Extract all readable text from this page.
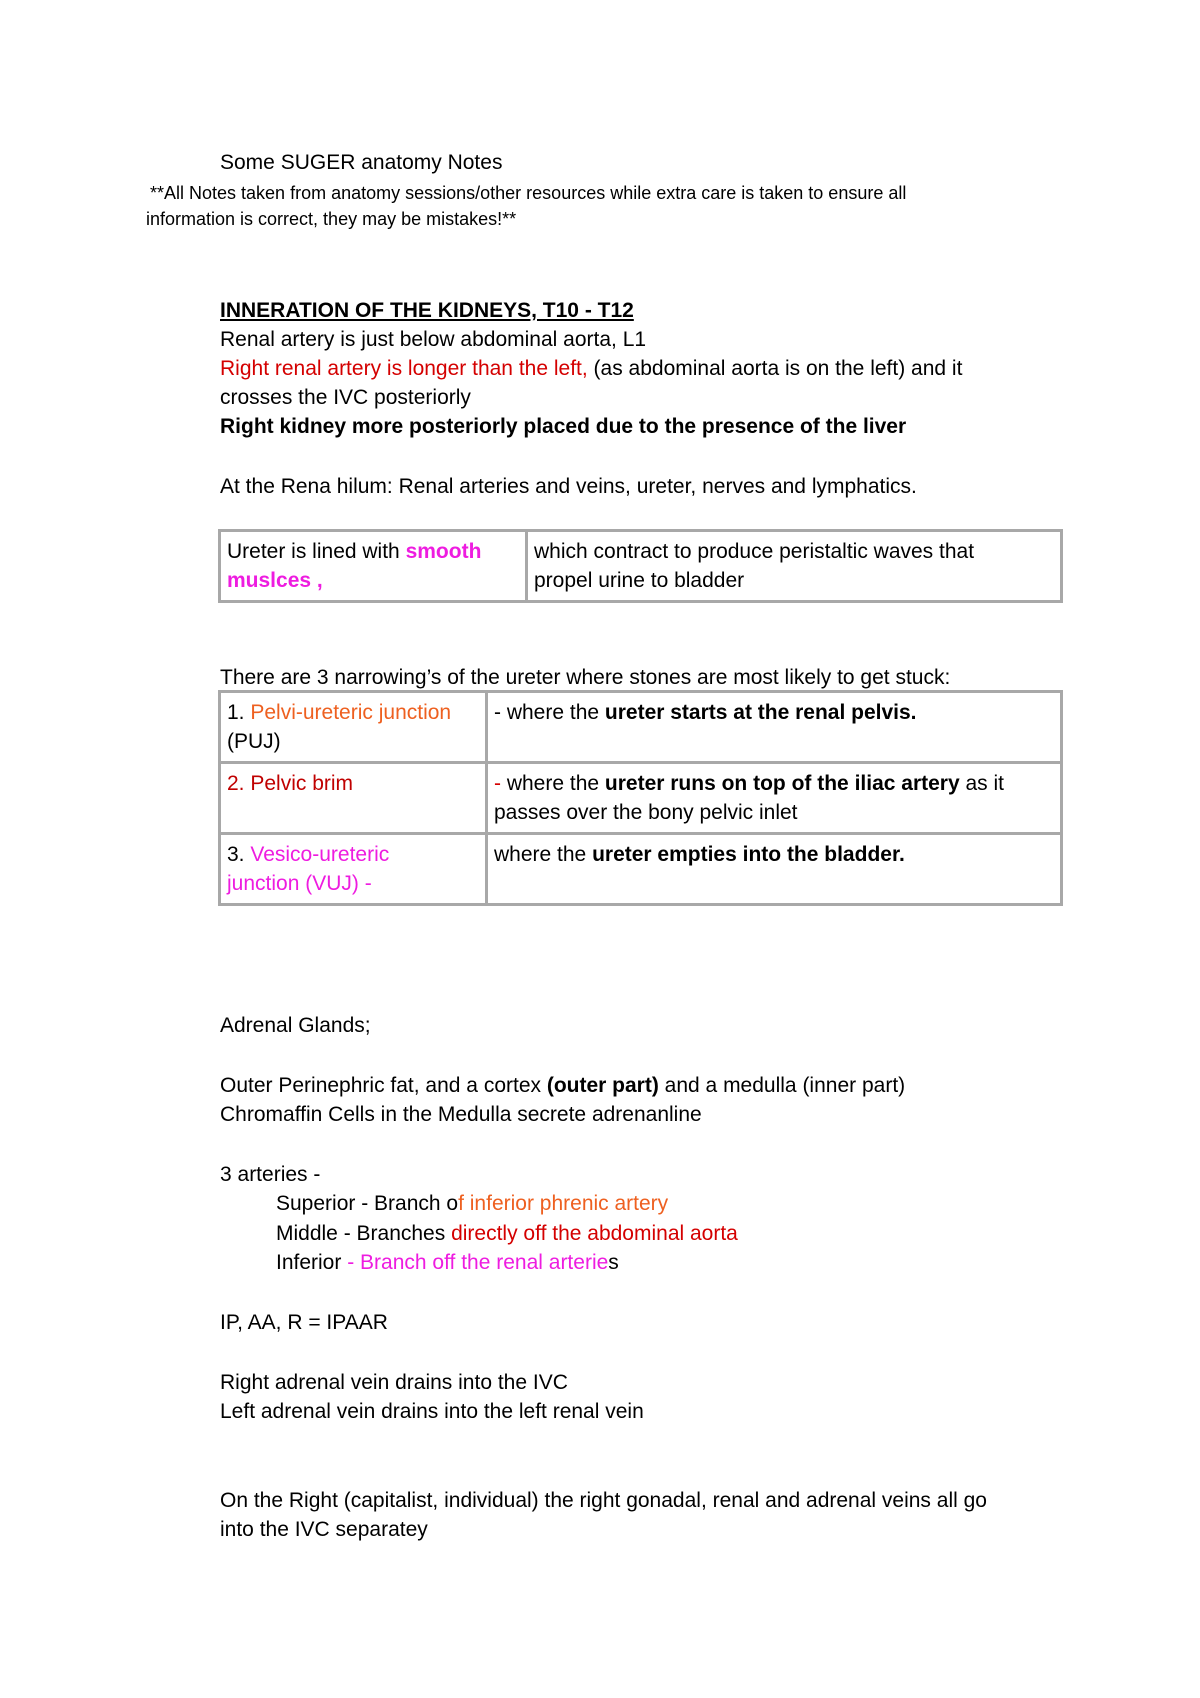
Some SUGER anatomy Notes
**All Notes taken from anatomy sessions/other resources while extra care is taken to ensure all
information is correct, they may be mistakes!**
INNERATION OF THE KIDNEYS, T10 - T12
Renal artery is just below abdominal aorta, L1
Right renal artery is longer than the left, (as abdominal aorta is on the left) and it
crosses the IVC posteriorly
Right kidney more posteriorly placed due to the presence of the liver
At the Rena hilum: Renal arteries and veins, ureter, nerves and lymphatics.
Ureter is lined with smooth
muslces ,	which contract to produce peristaltic waves that
propel urine to bladder
There are 3 narrowing’s of the ureter where stones are most likely to get stuck:
1. Pelvi-ureteric junction
(PUJ)	- where the ureter starts at the renal pelvis.
2. Pelvic brim	- where the ureter runs on top of the iliac artery as it
passes over the bony pelvic inlet
3. Vesico-ureteric
junction (VUJ) -	where the ureter empties into the bladder.
Adrenal Glands;
Outer Perinephric fat, and a cortex (outer part) and a medulla (inner part)
Chromaffin Cells in the Medulla secrete adrenanline
3 arteries -
Superior - Branch of inferior phrenic artery
Middle - Branches directly off the abdominal aorta
Inferior - Branch off the renal arteries
IP, AA, R = IPAAR
Right adrenal vein drains into the IVC
Left adrenal vein drains into the left renal vein
On the Right (capitalist, individual) the right gonadal, renal and adrenal veins all go
into the IVC separatey
